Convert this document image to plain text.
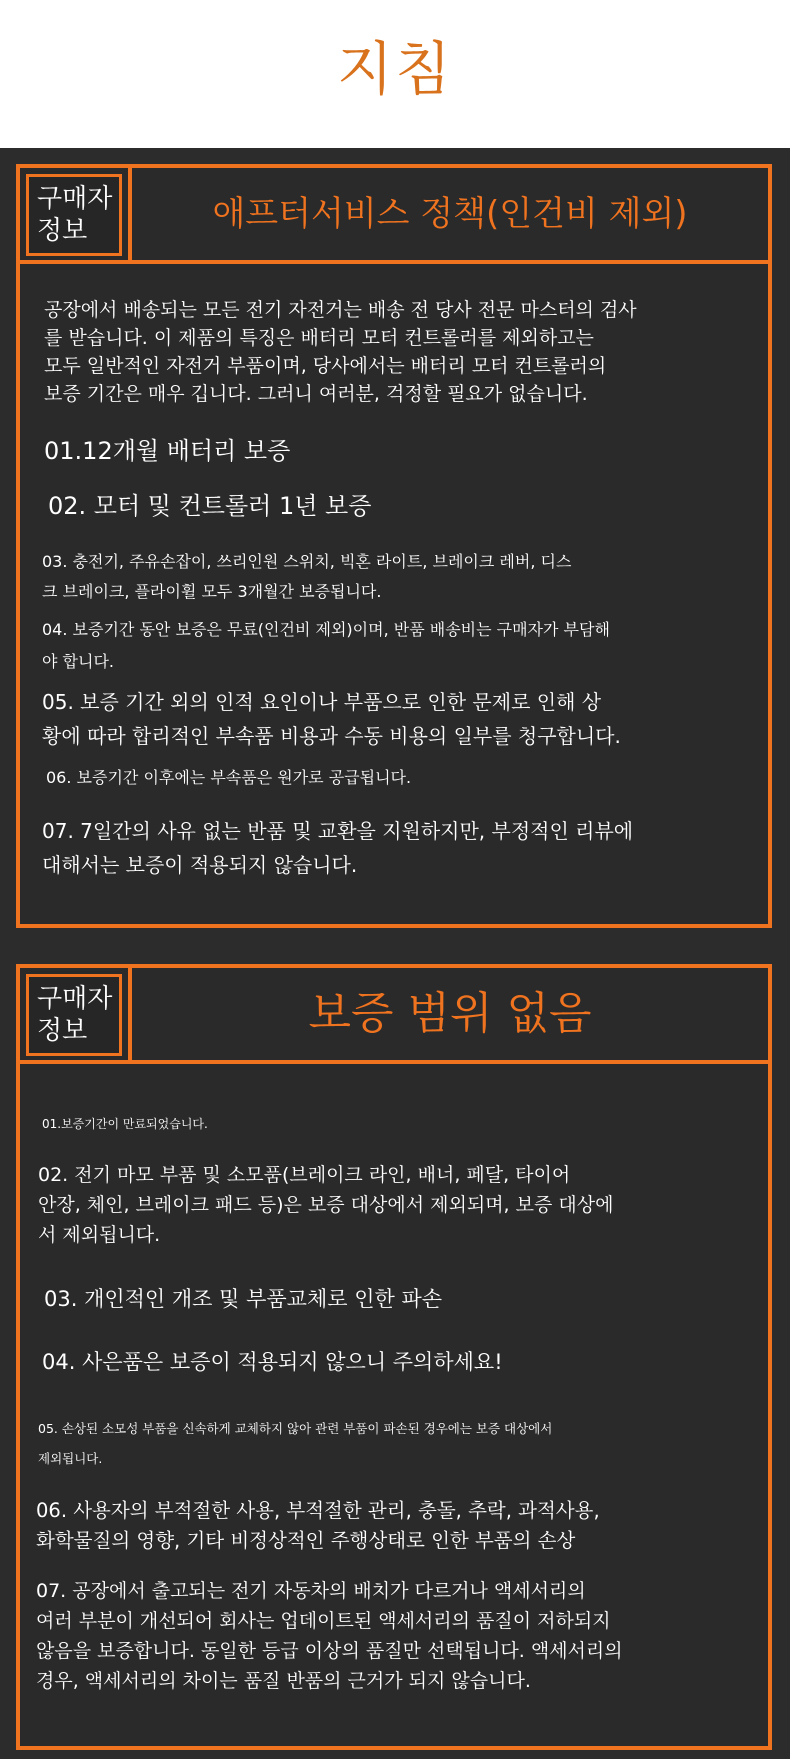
지침
구매자
정보	애프터서비스 정책(인건비 제외)

공장에서 배송되는 모든 전기 자전거는 배송 전 당사 전문 마스터의 검사
를 받습니다. 이 제품의 특징은 배터리 모터 컨트롤러를 제외하고는
모두 일반적인 자전거 부품이며, 당사에서는 배터리 모터 컨트롤러의
보증 기간은 매우 깁니다. 그러니 여러분, 걱정할 필요가 없습니다.

01.12개월 배터리 보증

02. 모터 및 컨트롤러 1년 보증

03. 충전기, 주유손잡이, 쓰리인원 스위치, 빅혼 라이트, 브레이크 레버, 디스
크 브레이크, 플라이휠 모두 3개월간 보증됩니다.

04. 보증기간 동안 보증은 무료(인건비 제외)이며, 반품 배송비는 구매자가 부담해
야 합니다.

05. 보증 기간 외의 인적 요인이나 부품으로 인한 문제로 인해 상
황에 따라 합리적인 부속품 비용과 수동 비용의 일부를 청구합니다.

06. 보증기간 이후에는 부속품은 원가로 공급됩니다.

07. 7일간의 사유 없는 반품 및 교환을 지원하지만, 부정적인 리뷰에
대해서는 보증이 적용되지 않습니다.

구매자
정보	보증 범위 없음

01.보증기간이 만료되었습니다.

02. 전기 마모 부품 및 소모품(브레이크 라인, 배너, 페달, 타이어
안장, 체인, 브레이크 패드 등)은 보증 대상에서 제외되며, 보증 대상에
서 제외됩니다.

03. 개인적인 개조 및 부품교체로 인한 파손

04. 사은품은 보증이 적용되지 않으니 주의하세요!

05. 손상된 소모성 부품을 신속하게 교체하지 않아 관련 부품이 파손된 경우에는 보증 대상에서
제외됩니다.

06. 사용자의 부적절한 사용, 부적절한 관리, 충돌, 추락, 과적사용,
화학물질의 영향, 기타 비정상적인 주행상태로 인한 부품의 손상

07. 공장에서 출고되는 전기 자동차의 배치가 다르거나 액세서리의
여러 부분이 개선되어 회사는 업데이트된 액세서리의 품질이 저하되지
않음을 보증합니다. 동일한 등급 이상의 품질만 선택됩니다. 액세서리의
경우, 액세서리의 차이는 품질 반품의 근거가 되지 않습니다.
